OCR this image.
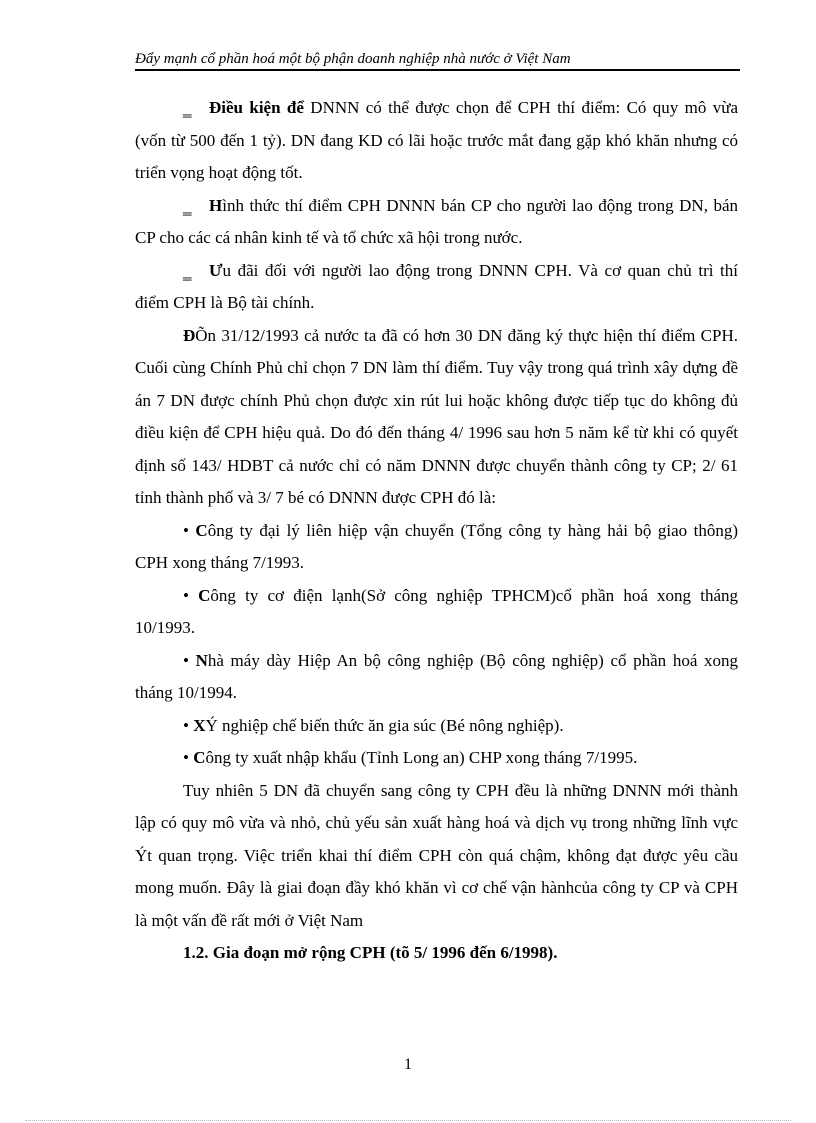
Đẩy mạnh cổ phần hoá một bộ phận doanh nghiệp nhà nước ở Việt Nam

‗ Điều kiện để DNNN có thể được chọn để CPH thí điểm: Có quy mô vừa (vốn từ 500 đến 1 tỷ). DN đang KD có lãi hoặc trước mắt đang gặp khó khăn nhưng có triển vọng hoạt động tốt.

‗ Hình thức thí điểm CPH DNNN bán CP cho người lao động trong DN, bán CP cho các cá nhân kinh tế và tổ chức xã hội trong nước.

‗ Ưu đãi đối với người lao động trong DNNN CPH. Và cơ quan chủ trì thí điểm CPH là Bộ tài chính.

ĐÕn 31/12/1993 cả nước ta đã có hơn 30 DN đăng ký thực hiện thí điểm CPH. Cuối cùng Chính Phủ chỉ chọn 7 DN làm thí điểm. Tuy vậy trong quá trình xây dựng đề án 7 DN được chính Phủ chọn được xin rút lui hoặc không được tiếp tục do không đủ điều kiện để CPH hiệu quả. Do đó đến tháng 4/ 1996 sau hơn 5 năm kể từ khi có quyết định số 143/ HDBT cả nước chỉ có năm DNNN được chuyển thành công ty CP; 2/ 61 tỉnh thành phố và 3/ 7 bé có DNNN được CPH đó là:

• Công ty đại lý liên hiệp vận chuyển (Tổng công ty hàng hải bộ giao thông) CPH xong tháng 7/1993.

• Công ty cơ điện lạnh(Sở công nghiệp TPHCM)cổ phần hoá xong tháng 10/1993.

• Nhà máy dày Hiệp An bộ công nghiệp (Bộ công nghiệp) cổ phần hoá xong tháng 10/1994.

• XÝ nghiệp chế biến thức ăn gia súc (Bé nông nghiệp).

• Công ty xuất nhập khẩu (Tỉnh Long an) CHP xong tháng 7/1995.

Tuy nhiên 5 DN đã chuyển sang công ty CPH đều là những DNNN mới thành lập có quy mô vừa và nhỏ, chủ yếu sản xuất hàng hoá và dịch vụ trong những lĩnh vực Ýt quan trọng. Việc triển khai thí điểm CPH còn quá chậm, không đạt được yêu cầu mong muốn. Đây là giai đoạn đầy khó khăn vì cơ chế vận hànhcủa công ty CP và CPH là một vấn đề rất mới ở Việt Nam

1.2. Gia đoạn mở rộng CPH (tõ 5/ 1996 đến 6/1998).

1
